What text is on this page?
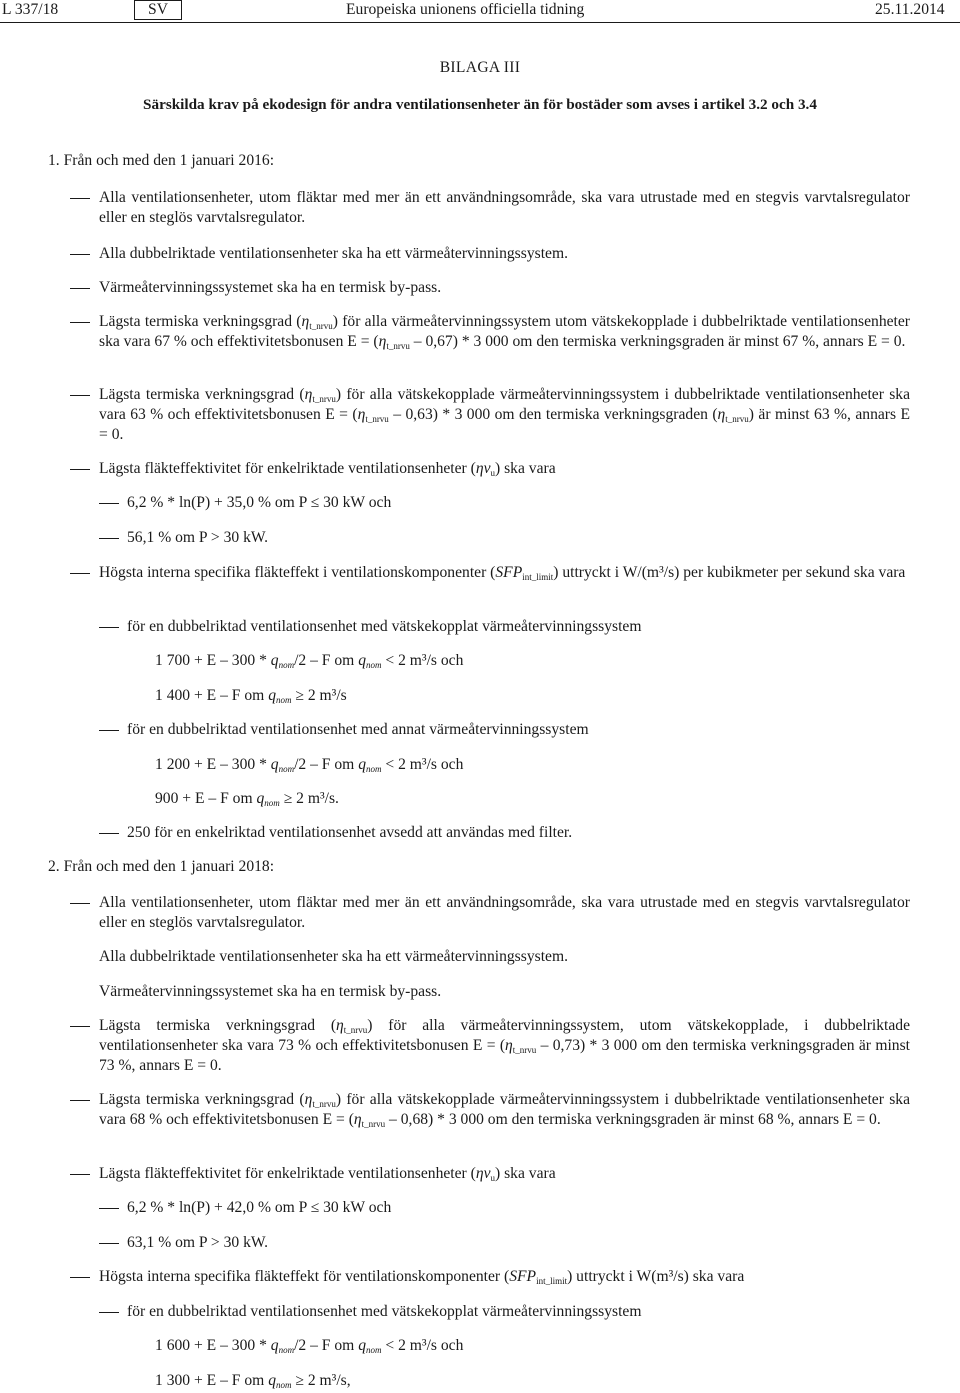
L 337/18	SV	Europeiska unionens officiella tidning	25.11.2014
BILAGA III
Särskilda krav på ekodesign för andra ventilationsenheter än för bostäder som avses i artikel 3.2 och 3.4
1. Från och med den 1 januari 2016:
Alla ventilationsenheter, utom fläktar med mer än ett användningsområde, ska vara utrustade med en stegvis varvtalsregulator eller en steglös varvtalsregulator.
Alla dubbelriktade ventilationsenheter ska ha ett värmeåtervinningssystem.
Värmeåtervinningssystemet ska ha en termisk by-pass.
Lägsta termiska verkningsgrad $(\eta_{t\_nrvu})$ för alla värmeåtervinningssystem utom vätskekopplade i dubbelriktade ventilationsenheter ska vara 67 % och effektivitetsbonusen $E = (\eta_{t\_nrvu} - 0,67) * 3$ 000 om den termiska verkningsgraden är minst 67 %, annars E = 0.
Lägsta termiska verkningsgrad $(\eta_{t\_nrvu})$ för alla vätskekopplade värmeåtervinningssystem i dubbelriktade ventilationsenheter ska vara 63 % och effektivitetsbonusen $E = (\eta_{t\_nrvu} - 0,63) * 3$ 000 om den termiska verkningsgraden $(\eta_{t\_nrvu})$ är minst 63 %, annars E = 0.
Lägsta fläkteffektivitet för enkelriktade ventilationsenheter $(\eta v_u)$ ska vara
6,2 % * ln(P) + 35,0 % om P ≤ 30 kW och
56,1 % om P > 30 kW.
Högsta interna specifika fläkteffekt i ventilationskomponenter $(SFP_{int\_limit})$ uttryckt i W/(m³/s) per kubikmeter per sekund ska vara
för en dubbelriktad ventilationsenhet med vätskekopplat värmeåtervinningssystem
1 $700 + E - 300 * q_{nom}/2 - F$ om $q_{nom} < 2$ m³/s och
1 400 + E – F om $q_{nom} \ge 2$ m³/s
för en dubbelriktad ventilationsenhet med annat värmeåtervinningssystem
1 $200 + E - 300 * q_{nom}/2 - F$ om $q_{nom} < 2$ m³/s och
900 + E – F om $q_{nom} \ge 2$ m³/s.
250 för en enkelriktad ventilationsenhet avsedd att användas med filter.
2. Från och med den 1 januari 2018:
Alla ventilationsenheter, utom fläktar med mer än ett användningsområde, ska vara utrustade med en stegvis varvtalsregulator eller en steglös varvtalsregulator.
Alla dubbelriktade ventilationsenheter ska ha ett värmeåtervinningssystem.
Värmeåtervinningssystemet ska ha en termisk by-pass.
Lägsta termiska verkningsgrad $(\eta_{t\_nrvu})$ för alla värmeåtervinningssystem, utom vätskekopplade, i dubbelriktade ventilationsenheter ska vara 73 % och effektivitetsbonusen $E = (\eta_{t\_nrvu} - 0,73) * 3$ 000 om den termiska verkningsgraden är minst 73 %, annars E = 0.
Lägsta termiska verkningsgrad $(\eta_{t\_nrvu})$ för alla vätskekopplade värmeåtervinningssystem i dubbelriktade ventilationsenheter ska vara 68 % och effektivitetsbonusen $E = (\eta_{t\_nrvu} - 0,68) * 3$ 000 om den termiska verkningsgraden är minst 68 %, annars E = 0.
Lägsta fläkteffektivitet för enkelriktade ventilationsenheter $(\eta v_u)$ ska vara
6,2 % * ln(P) + 42,0 % om P ≤ 30 kW och
63,1 % om P > 30 kW.
Högsta interna specifika fläkteffekt för ventilationskomponenter $(SFP_{int\_limit})$ uttryckt i W(m³/s) ska vara
för en dubbelriktad ventilationsenhet med vätskekopplat värmeåtervinningssystem
1 $600 + E - 300 * q_{nom}/2 - F$ om $q_{nom} < 2$ m³/s och
1 300 + E – F om $q_{nom} \ge 2$ m³/s,
